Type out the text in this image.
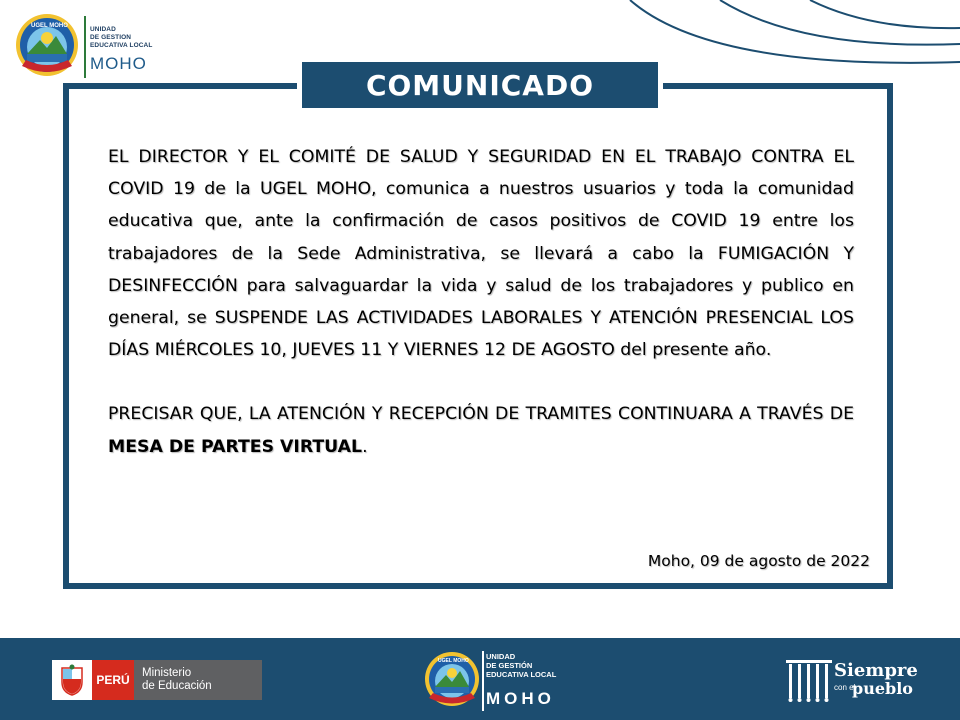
UGEL MOHO	UNIDAD
DE GESTION
EDUCATIVA LOCAL
MOHO
COMUNICADO

EL DIRECTOR Y EL COMITÉ DE SALUD Y SEGURIDAD EN EL TRABAJO CONTRA EL COVID 19 de la UGEL MOHO, comunica a nuestros usuarios y toda la comunidad educativa que, ante la confirmación de casos positivos de COVID 19 entre los trabajadores de la Sede Administrativa, se llevará a cabo la FUMIGACIÓN Y DESINFECCIÓN para salvaguardar la vida y salud de los trabajadores y publico en general, se SUSPENDE LAS ACTIVIDADES LABORALES Y ATENCIÓN PRESENCIAL LOS DÍAS MIÉRCOLES 10, JUEVES 11 Y VIERNES 12 DE AGOSTO del presente año.

PRECISAR QUE, LA ATENCIÓN Y RECEPCIÓN DE TRAMITES CONTINUARA A TRAVÉS DE MESA DE PARTES VIRTUAL.

Moho, 09 de agosto de 2022
PERÚ	Ministerio
de Educación
UGEL MOHO UNIDAD
DE GESTIÓN
EDUCATIVA LOCAL
MOHO
Siempre
con el
pueblo
